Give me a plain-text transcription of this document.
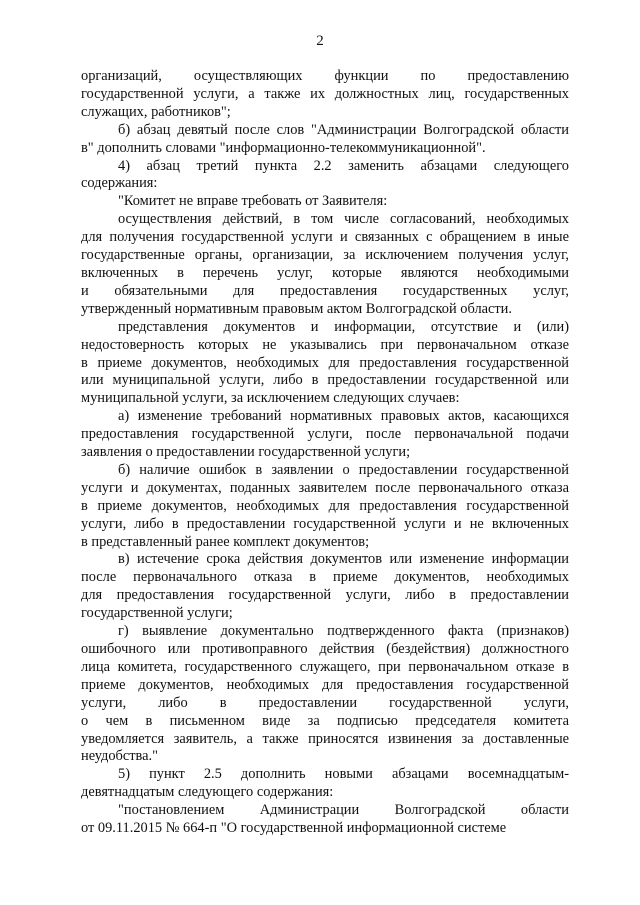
2
организаций, осуществляющих функции по предоставлению
государственной услуги, а также их должностных лиц, государственных
служащих, работников";
б) абзац девятый после слов "Администрации Волгоградской области
в" дополнить словами "информационно-телекоммуникационной".
4) абзац третий пункта 2.2 заменить абзацами следующего
содержания:
"Комитет не вправе требовать от Заявителя:
осуществления действий, в том числе согласований, необходимых
для получения государственной услуги и связанных с обращением в иные
государственные органы, организации, за исключением получения услуг,
включенных в перечень услуг, которые являются необходимыми
и обязательными для предоставления государственных услуг,
утвержденный нормативным правовым актом Волгоградской области.
представления документов и информации, отсутствие и (или)
недостоверность которых не указывались при первоначальном отказе
в приеме документов, необходимых для предоставления государственной
или муниципальной услуги, либо в предоставлении государственной или
муниципальной услуги, за исключением следующих случаев:
а) изменение требований нормативных правовых актов, касающихся
предоставления государственной услуги, после первоначальной подачи
заявления о предоставлении государственной услуги;
б) наличие ошибок в заявлении о предоставлении государственной
услуги и документах, поданных заявителем после первоначального отказа
в приеме документов, необходимых для предоставления государственной
услуги, либо в предоставлении государственной услуги и не включенных
в представленный ранее комплект документов;
в) истечение срока действия документов или изменение информации
после первоначального отказа в приеме документов, необходимых
для предоставления государственной услуги, либо в предоставлении
государственной услуги;
г) выявление документально подтвержденного факта (признаков)
ошибочного или противоправного действия (бездействия) должностного
лица комитета, государственного служащего, при первоначальном отказе в
приеме документов, необходимых для предоставления государственной
услуги, либо в предоставлении государственной услуги,
о чем в письменном виде за подписью председателя комитета
уведомляется заявитель, а также приносятся извинения за доставленные
неудобства."
5) пункт 2.5 дополнить новыми абзацами восемнадцатым-
девятнадцатым следующего содержания:
"постановлением Администрации Волгоградской области
от 09.11.2015 № 664-п "О государственной информационной системе
